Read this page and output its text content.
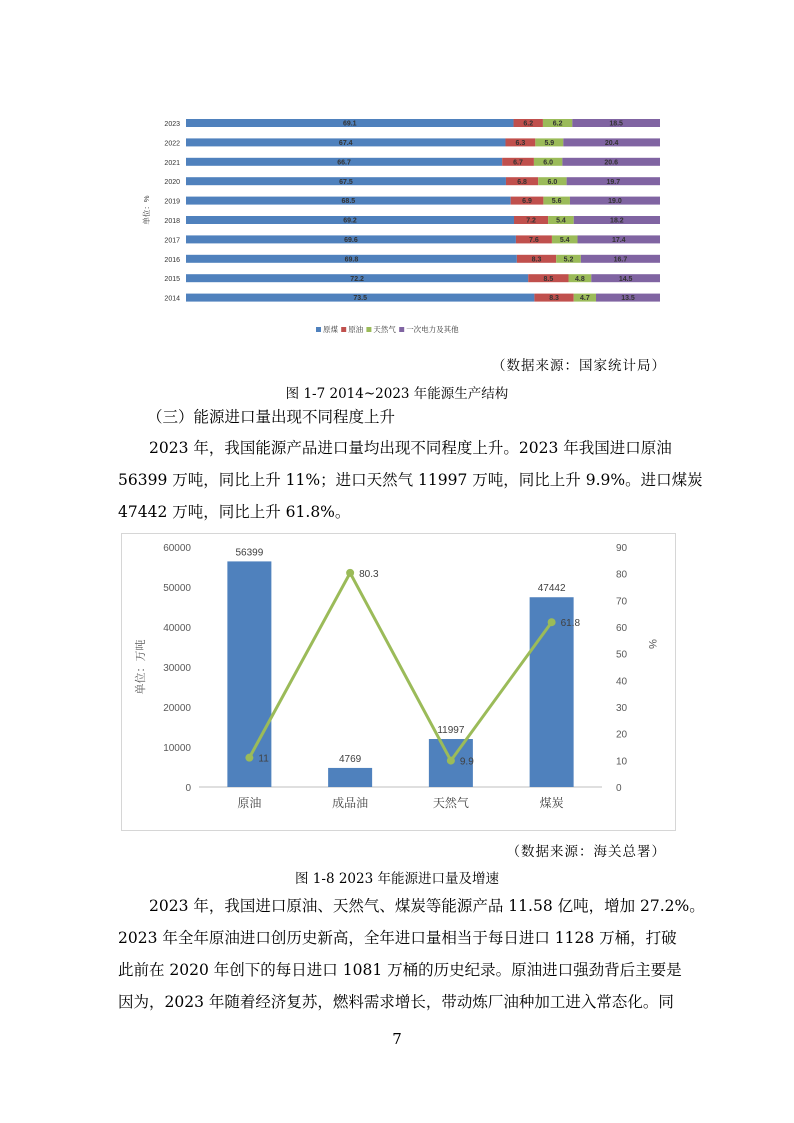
2023	69.1	6.2	6.2	18.5
2022	67.4	6.3	5.9	20.4
2021	66.7	6.7	6.0	20.6
2020	67.5	6.8	6.0	19.7
2019	68.5	6.9	5.6	19.0
2018	69.2	7.2	5.4	18.2
2017	69.6	7.6	5.4	17.4
2016	69.8	8.3	5.2	16.7
2015	72.2	8.5	4.8	14.5
2014	73.5	8.3	4.7	13.5
单位：%
原煤 原油 天然气 一次电力及其他
（数据来源：国家统计局）
图 1-7 2014~2023 年能源生产结构
（三）能源进口量出现不同程度上升

2023 年，我国能源产品进口量均出现不同程度上升。2023 年我国进口原油

56399 万吨，同比上升 11%；进口天然气 11997 万吨，同比上升 9.9%。进口煤炭

47442 万吨，同比上升 61.8%。

0
10000
20000
30000
40000
50000
60000
0
10
20
30
40
50
60
70
80
90
56399
4769
11997
47442
原油	成品油	天然气	煤炭
11
80.3
9.9
61.8
单位：万吨	%
（数据来源：海关总署）
图 1-8 2023 年能源进口量及增速

2023 年，我国进口原油、天然气、煤炭等能源产品 11.58 亿吨，增加 27.2%。

2023 年全年原油进口创历史新高，全年进口量相当于每日进口 1128 万桶，打破

此前在 2020 年创下的每日进口 1081 万桶的历史纪录。原油进口强劲背后主要是

因为，2023 年随着经济复苏，燃料需求增长，带动炼厂油种加工进入常态化。同

7
